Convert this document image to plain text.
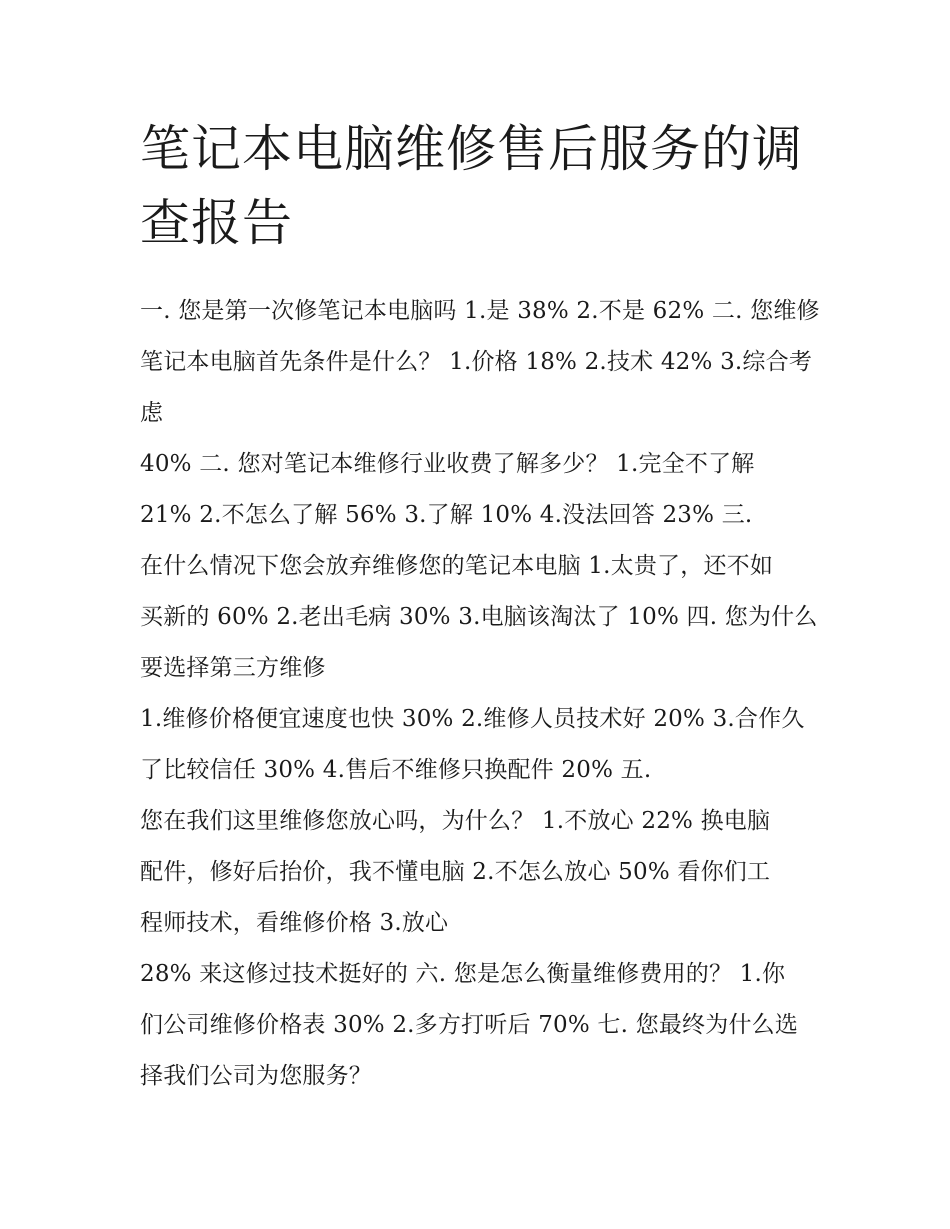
笔记本电脑维修售后服务的调
查报告
一. 您是第一次修笔记本电脑吗 1.是 38% 2.不是 62% 二. 您维修
笔记本电脑首先条件是什么？ 1.价格 18% 2.技术 42% 3.综合考
虑
40% 二. 您对笔记本维修行业收费了解多少？ 1.完全不了解
21% 2.不怎么了解 56% 3.了解 10% 4.没法回答 23% 三.
在什么情况下您会放弃维修您的笔记本电脑 1.太贵了，还不如
买新的 60% 2.老出毛病 30% 3.电脑该淘汰了 10% 四. 您为什么
要选择第三方维修
1.维修价格便宜速度也快 30% 2.维修人员技术好 20% 3.合作久
了比较信任 30% 4.售后不维修只换配件 20% 五.
您在我们这里维修您放心吗，为什么？ 1.不放心 22% 换电脑
配件，修好后抬价，我不懂电脑 2.不怎么放心 50% 看你们工
程师技术，看维修价格 3.放心
28% 来这修过技术挺好的 六. 您是怎么衡量维修费用的？ 1.你
们公司维修价格表 30% 2.多方打听后 70% 七. 您最终为什么选
择我们公司为您服务？
